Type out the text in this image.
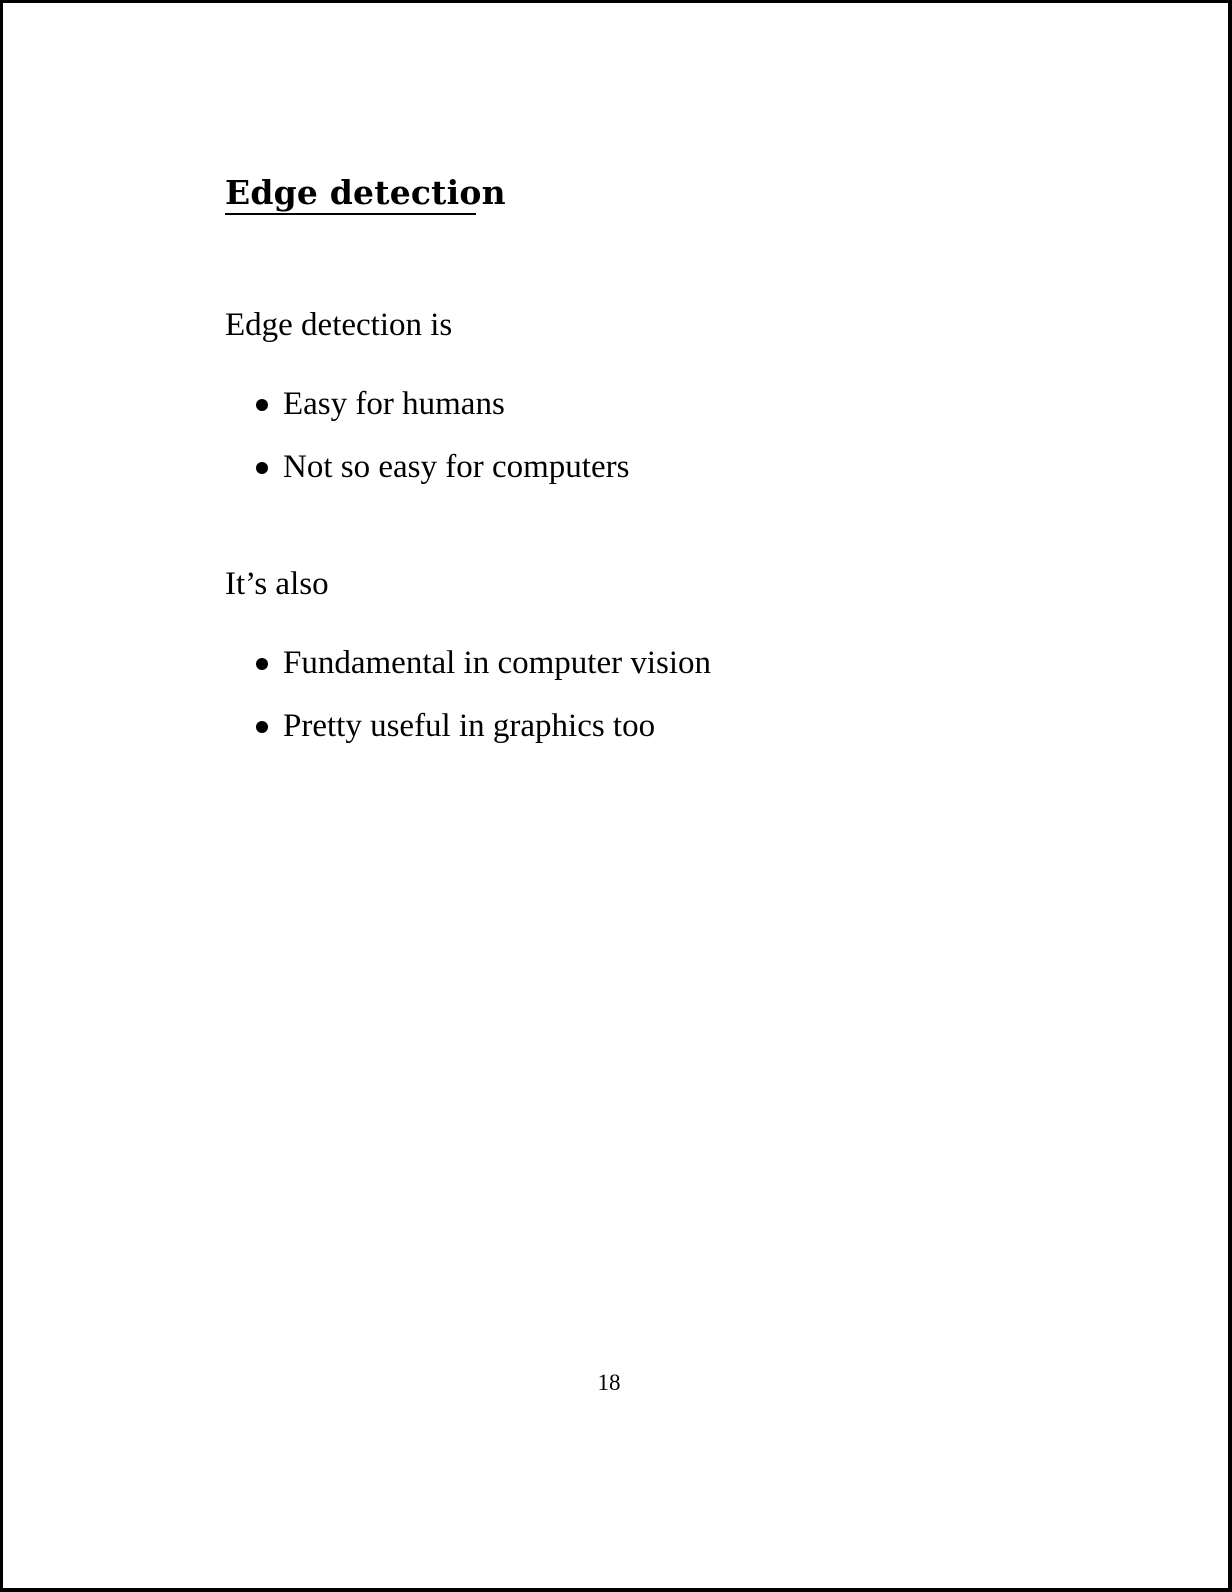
Edge detection

Edge detection is

Easy for humans
Not so easy for computers

It’s also

Fundamental in computer vision
Pretty useful in graphics too
18
